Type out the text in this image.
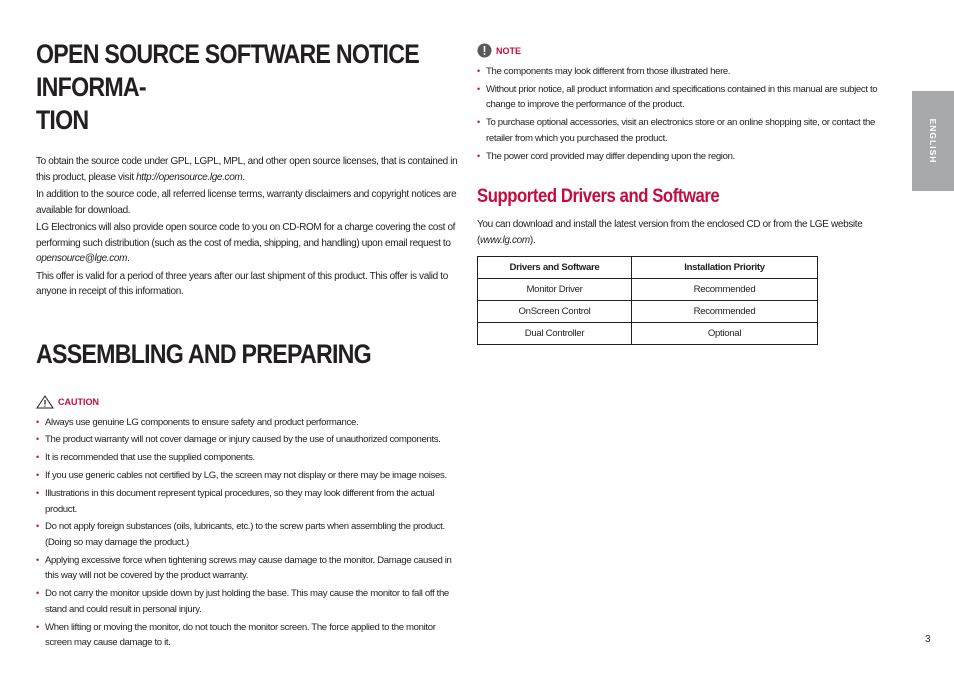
OPEN SOURCE SOFTWARE NOTICE INFORMA-
TION

To obtain the source code under GPL, LGPL, MPL, and other open source licenses, that is contained in this product, please visit http://opensource.lge.com.

In addition to the source code, all referred license terms, warranty disclaimers and copyright notices are available for download.

LG Electronics will also provide open source code to you on CD-ROM for a charge covering the cost of performing such distribution (such as the cost of media, shipping, and handling) upon email request to opensource@lge.com.

This offer is valid for a period of three years after our last shipment of this product. This offer is valid to anyone in receipt of this information.

ASSEMBLING AND PREPARING
CAUTION
• Always use genuine LG components to ensure safety and product performance.
• The product warranty will not cover damage or injury caused by the use of unauthorized components.
• It is recommended that use the supplied components.
• If you use generic cables not certified by LG, the screen may not display or there may be image noises.
• Illustrations in this document represent typical procedures, so they may look different from the actual product.
• Do not apply foreign substances (oils, lubricants, etc.) to the screw parts when assembling the product. (Doing so may damage the product.)
• Applying excessive force when tightening screws may cause damage to the monitor. Damage caused in this way will not be covered by the product warranty.
• Do not carry the monitor upside down by just holding the base. This may cause the monitor to fall off the stand and could result in personal injury.
• When lifting or moving the monitor, do not touch the monitor screen. The force applied to the monitor screen may cause damage to it.
NOTE
• The components may look different from those illustrated here.
• Without prior notice, all product information and specifications contained in this manual are subject to change to improve the performance of the product.
• To purchase optional accessories, visit an electronics store or an online shopping site, or contact the retailer from which you purchased the product.
• The power cord provided may differ depending upon the region.
Supported Drivers and Software

You can download and install the latest version from the enclosed CD or from the LGE website (www.lg.com).

Drivers and Software	Installation Priority
Monitor Driver	Recommended
OnScreen Control	Recommended
Dual Controller	Optional
ENGLISH
3
